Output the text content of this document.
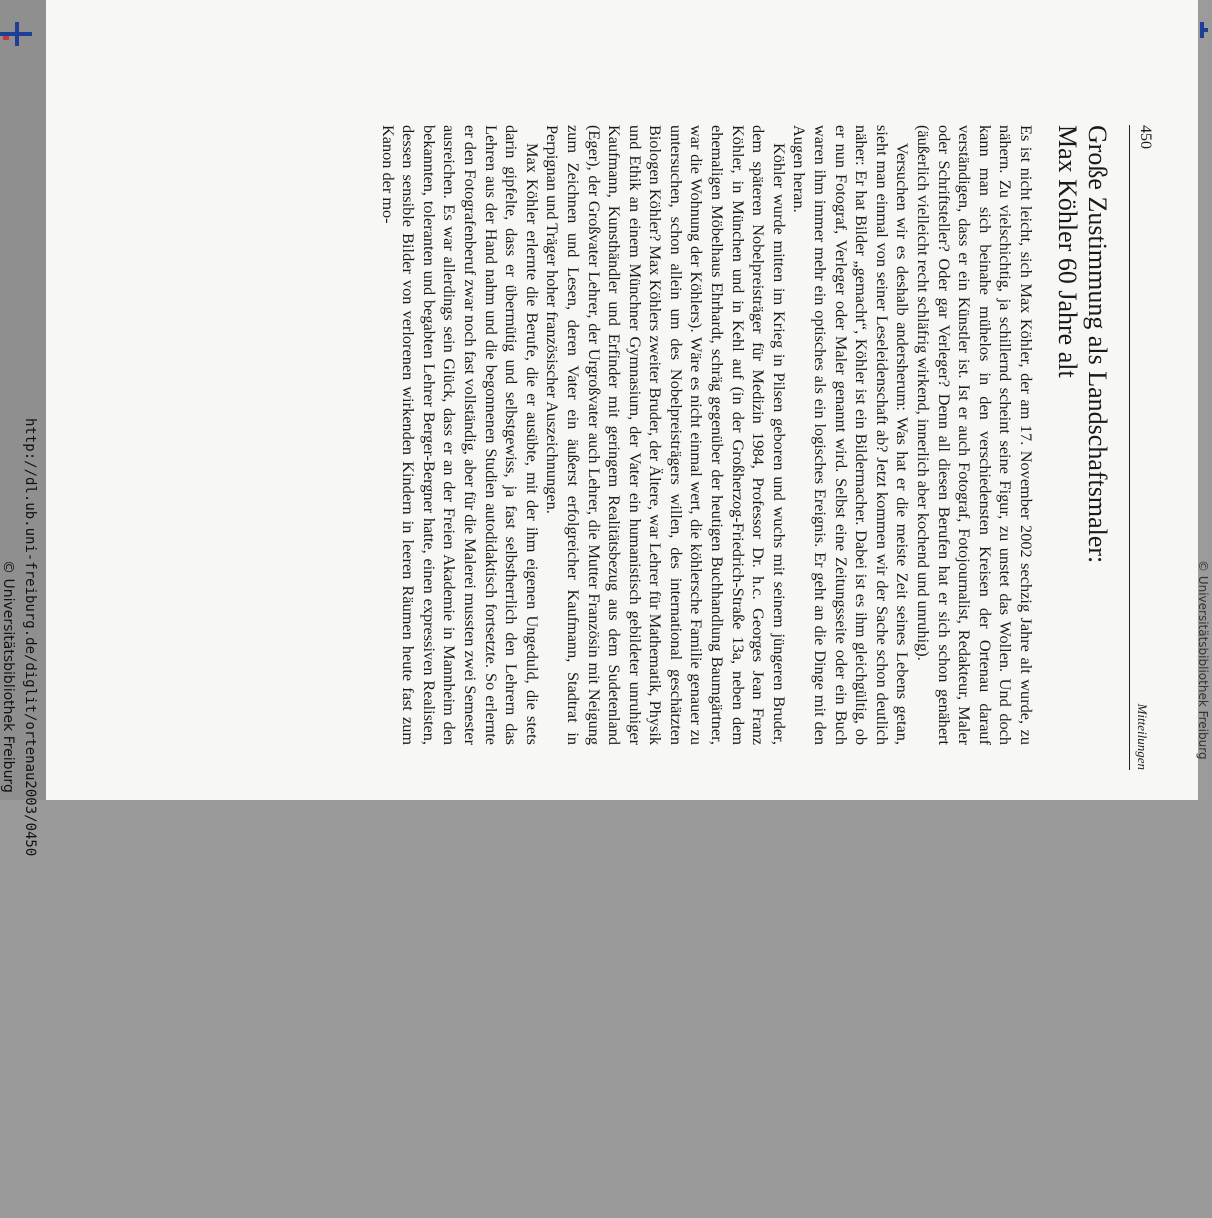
http://dl.ub.uni-freiburg.de/diglit/ortenau2003/0450
© Universitätsbibliothek Freiburg
450
Mitteilungen
Große Zustimmung als Landschaftsmaler:
Max Köhler 60 Jahre alt

Es ist nicht leicht, sich Max Köhler, der am 17. November 2002 sechzig Jahre alt wurde, zu nähern. Zu vielschichtig, ja schillernd scheint seine Figur, zu unstet das Wollen. Und doch kann man sich beinahe mühelos in den verschiedensten Kreisen der Ortenau darauf verständigen, dass er ein Künstler ist. Ist er auch Fotograf, Fotojournalist, Redakteur, Maler oder Schriftsteller? Oder gar Verleger? Denn all diesen Berufen hat er sich schon genähert (äußerlich vielleicht recht schläfrig wirkend, innerlich aber kochend und unruhig).

Versuchen wir es deshalb andersherum: Was hat er die meiste Zeit seines Lebens getan, sieht man einmal von seiner Leseleidenschaft ab? Jetzt kommen wir der Sache schon deutlich näher: Er hat Bilder „gemacht“, Köhler ist ein Bildermacher. Dabei ist es ihm gleichgültig, ob er nun Fotograf, Verleger oder Maler genannt wird. Selbst eine Zeitungsseite oder ein Buch waren ihm immer mehr ein optisches als ein logisches Ereignis. Er geht an die Dinge mit den Augen heran.

Köhler wurde mitten im Krieg in Pilsen geboren und wuchs mit seinem jüngeren Bruder, dem späteren Nobelpreisträger für Medizin 1984, Professor Dr. h.c. Georges Jean Franz Köhler, in München und in Kehl auf (in der Großherzog-Friedrich-Straße 13a, neben dem ehemaligen Möbelhaus Ehrhardt, schräg gegenüber der heutigen Buchhandlung Baumgärtner, war die Wohnung der Köhlers). Wäre es nicht einmal wert, die köhlersche Familie genauer zu untersuchen, schon allein um des Nobelpreisträgers willen, des international geschätzten Biologen Köhler? Max Köhlers zweiter Bruder, der Ältere, war Lehrer für Mathematik, Physik und Ethik an einem Münchner Gymnasium, der Vater ein humanistisch gebildeter unruhiger Kaufmann, Kunsthändler und Erfinder mit geringem Realitätsbezug aus dem Sudetenland (Eger), der Großvater Lehrer, der Urgroßvater auch Lehrer, die Mutter Französin mit Neigung zum Zeichnen und Lesen, deren Vater ein äußerst erfolgreicher Kaufmann, Stadtrat in Perpignan und Träger hoher französischer Auszeichnungen.

Max Köhler erlernte die Berufe, die er ausübte, mit der ihm eigenen Ungeduld, die stets darin gipfelte, dass er übermütig und selbstgewiss, ja fast selbstherrlich den Lehrern das Lehren aus der Hand nahm und die begonnenen Studien autodidaktisch fortsetzte. So erlernte er den Fotografenberuf zwar noch fast vollständig, aber für die Malerei mussten zwei Semester ausreichen. Es war allerdings sein Glück, dass er an der Freien Akademie in Mannheim den bekannten, toleranten und begabten Lehrer Berger-Bergner hatte, einen expressiven Realisten, dessen sensible Bilder von verlorenen wirkenden Kindern in leeren Räumen heute fast zum Kanon der mo-

© Universitätsbibliothek Freiburg
